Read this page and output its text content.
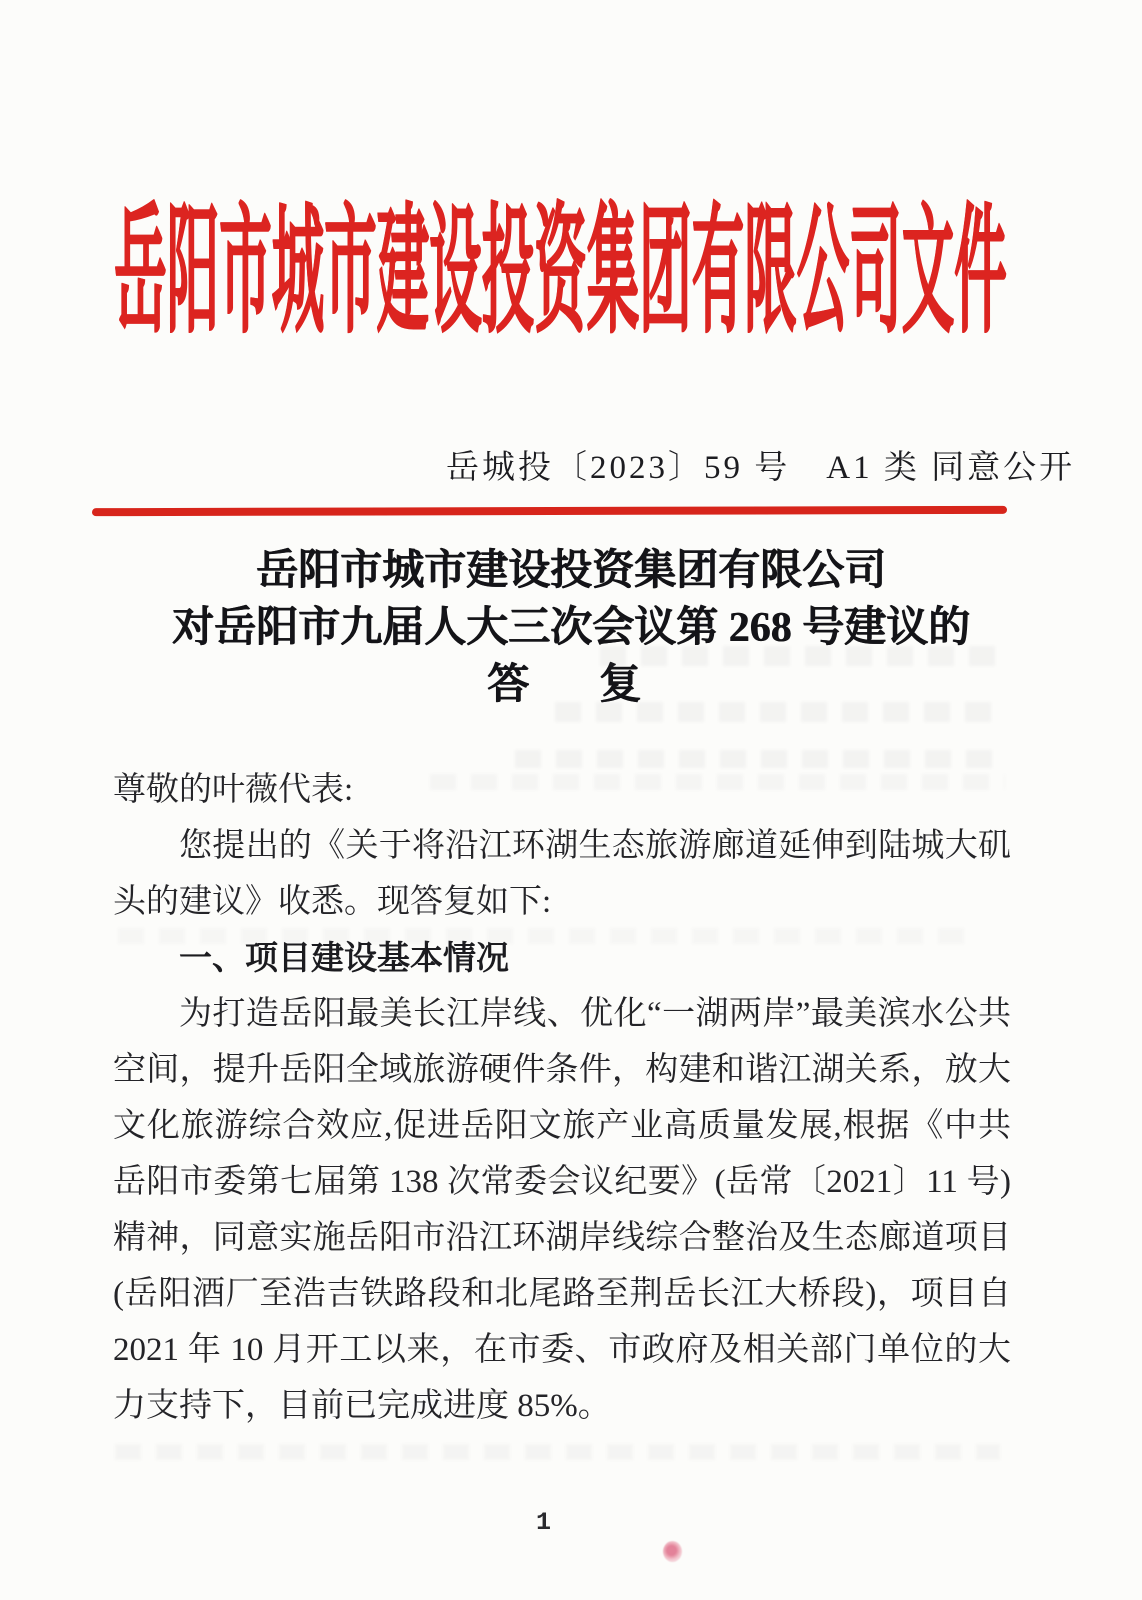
岳阳市城市建设投资集团有限公司文件
岳城投〔2023〕59 号　A1 类 同意公开
岳阳市城市建设投资集团有限公司
对岳阳市九届人大三次会议第 268 号建议的
答　复

尊敬的叶薇代表:

您提出的《关于将沿江环湖生态旅游廊道延伸到陆城大矶头的建议》收悉。现答复如下:

一、项目建设基本情况

为打造岳阳最美长江岸线、优化“一湖两岸”最美滨水公共空间，提升岳阳全域旅游硬件条件，构建和谐江湖关系，放大文化旅游综合效应,促进岳阳文旅产业高质量发展,根据《中共岳阳市委第七届第 138 次常委会议纪要》(岳常〔2021〕11 号)精神，同意实施岳阳市沿江环湖岸线综合整治及生态廊道项目(岳阳酒厂至浩吉铁路段和北尾路至荆岳长江大桥段)，项目自 2021 年 10 月开工以来，在市委、市政府及相关部门单位的大力支持下，目前已完成进度 85%。

1
